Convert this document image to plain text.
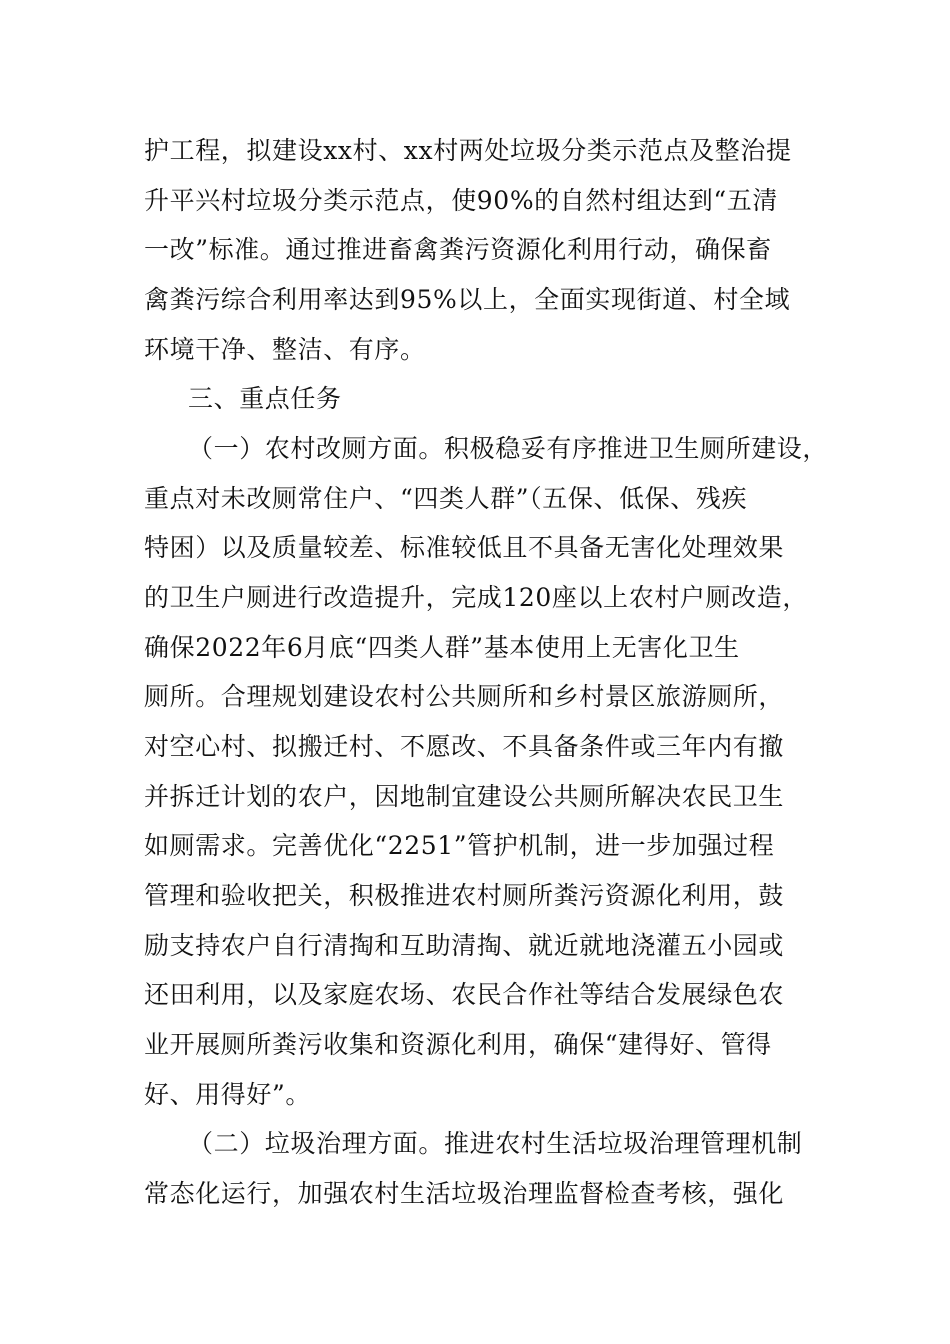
护工程，拟建设xx村、xx村两处垃圾分类示范点及整治提
升平兴村垃圾分类示范点，使90%的自然村组达到“五清
一改”标准。通过推进畜禽粪污资源化利用行动，确保畜
禽粪污综合利用率达到95%以上，全面实现街道、村全域
环境干净、整洁、有序。
三、重点任务
（一）农村改厕方面。积极稳妥有序推进卫生厕所建设，
重点对未改厕常住户、“四类人群”（五保、低保、残疾
特困）以及质量较差、标准较低且不具备无害化处理效果
的卫生户厕进行改造提升，完成120座以上农村户厕改造，
确保2022年6月底“四类人群”基本使用上无害化卫生
厕所。合理规划建设农村公共厕所和乡村景区旅游厕所，
对空心村、拟搬迁村、不愿改、不具备条件或三年内有撤
并拆迁计划的农户，因地制宜建设公共厕所解决农民卫生
如厕需求。完善优化“2251”管护机制，进一步加强过程
管理和验收把关，积极推进农村厕所粪污资源化利用，鼓
励支持农户自行清掏和互助清掏、就近就地浇灌五小园或
还田利用，以及家庭农场、农民合作社等结合发展绿色农
业开展厕所粪污收集和资源化利用，确保“建得好、管得
好、用得好”。
（二）垃圾治理方面。推进农村生活垃圾治理管理机制
常态化运行，加强农村生活垃圾治理监督检查考核，强化
